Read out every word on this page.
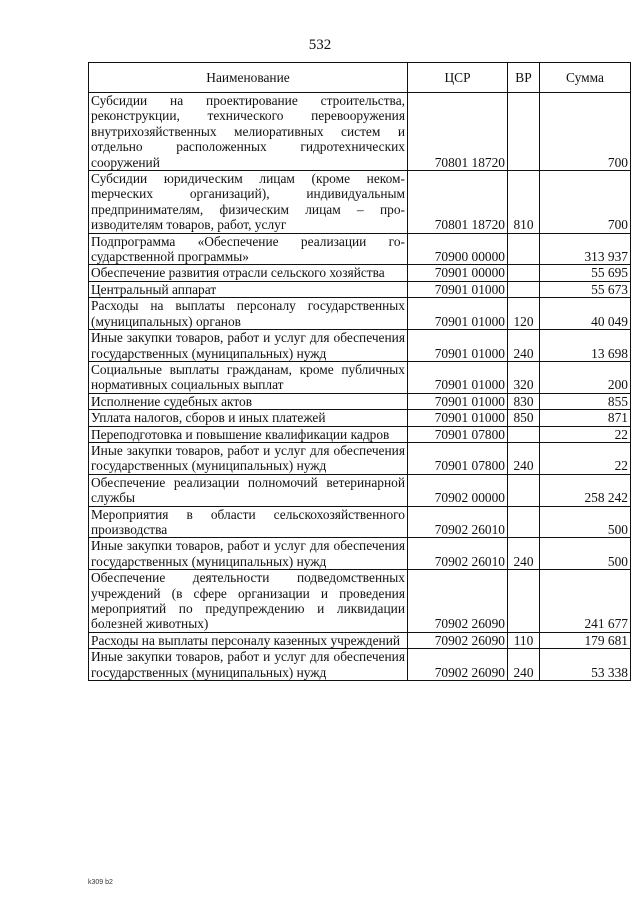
532
Наименование	ЦСР	ВР	Сумма
Субсидии на проектирование строительства, реконструкции, технического перевооружения внутрихозяйственных мелиоративных систем и отдельно расположенных гидротехнических сооружений	70801 18720		700
Субсидии юридическим лицам (кроме некомmерческих организаций), индивидуальным предпринимателям, физическим лицам – производителям товаров, работ, услуг	70801 18720	810	700
Подпрограмма «Обеспечение реализации государственной программы»	70900 00000		313 937
Обеспечение развития отрасли сельского хозяйства	70901 00000		55 695
Центральный аппарат	70901 01000		55 673
Расходы на выплаты персоналу государственных (муниципальных) органов	70901 01000	120	40 049
Иные закупки товаров, работ и услуг для обеспечения государственных (муниципальных) нужд	70901 01000	240	13 698
Социальные выплаты гражданам, кроме публичных нормативных социальных выплат	70901 01000	320	200
Исполнение судебных актов	70901 01000	830	855
Уплата налогов, сборов и иных платежей	70901 01000	850	871
Переподготовка и повышение квалификации кадров	70901 07800		22
Иные закупки товаров, работ и услуг для обеспечения государственных (муниципальных) нужд	70901 07800	240	22
Обеспечение реализации полномочий ветеринарной службы	70902 00000		258 242
Мероприятия в области сельскохозяйственного производства	70902 26010		500
Иные закупки товаров, работ и услуг для обеспечения государственных (муниципальных) нужд	70902 26010	240	500
Обеспечение деятельности подведомственных учреждений (в сфере организации и проведения мероприятий по предупреждению и ликвидации болезней животных)	70902 26090		241 677
Расходы на выплаты персоналу казенных учреждений	70902 26090	110	179 681
Иные закупки товаров, работ и услуг для обеспечения государственных (муниципальных) нужд	70902 26090	240	53 338
k309 b2
